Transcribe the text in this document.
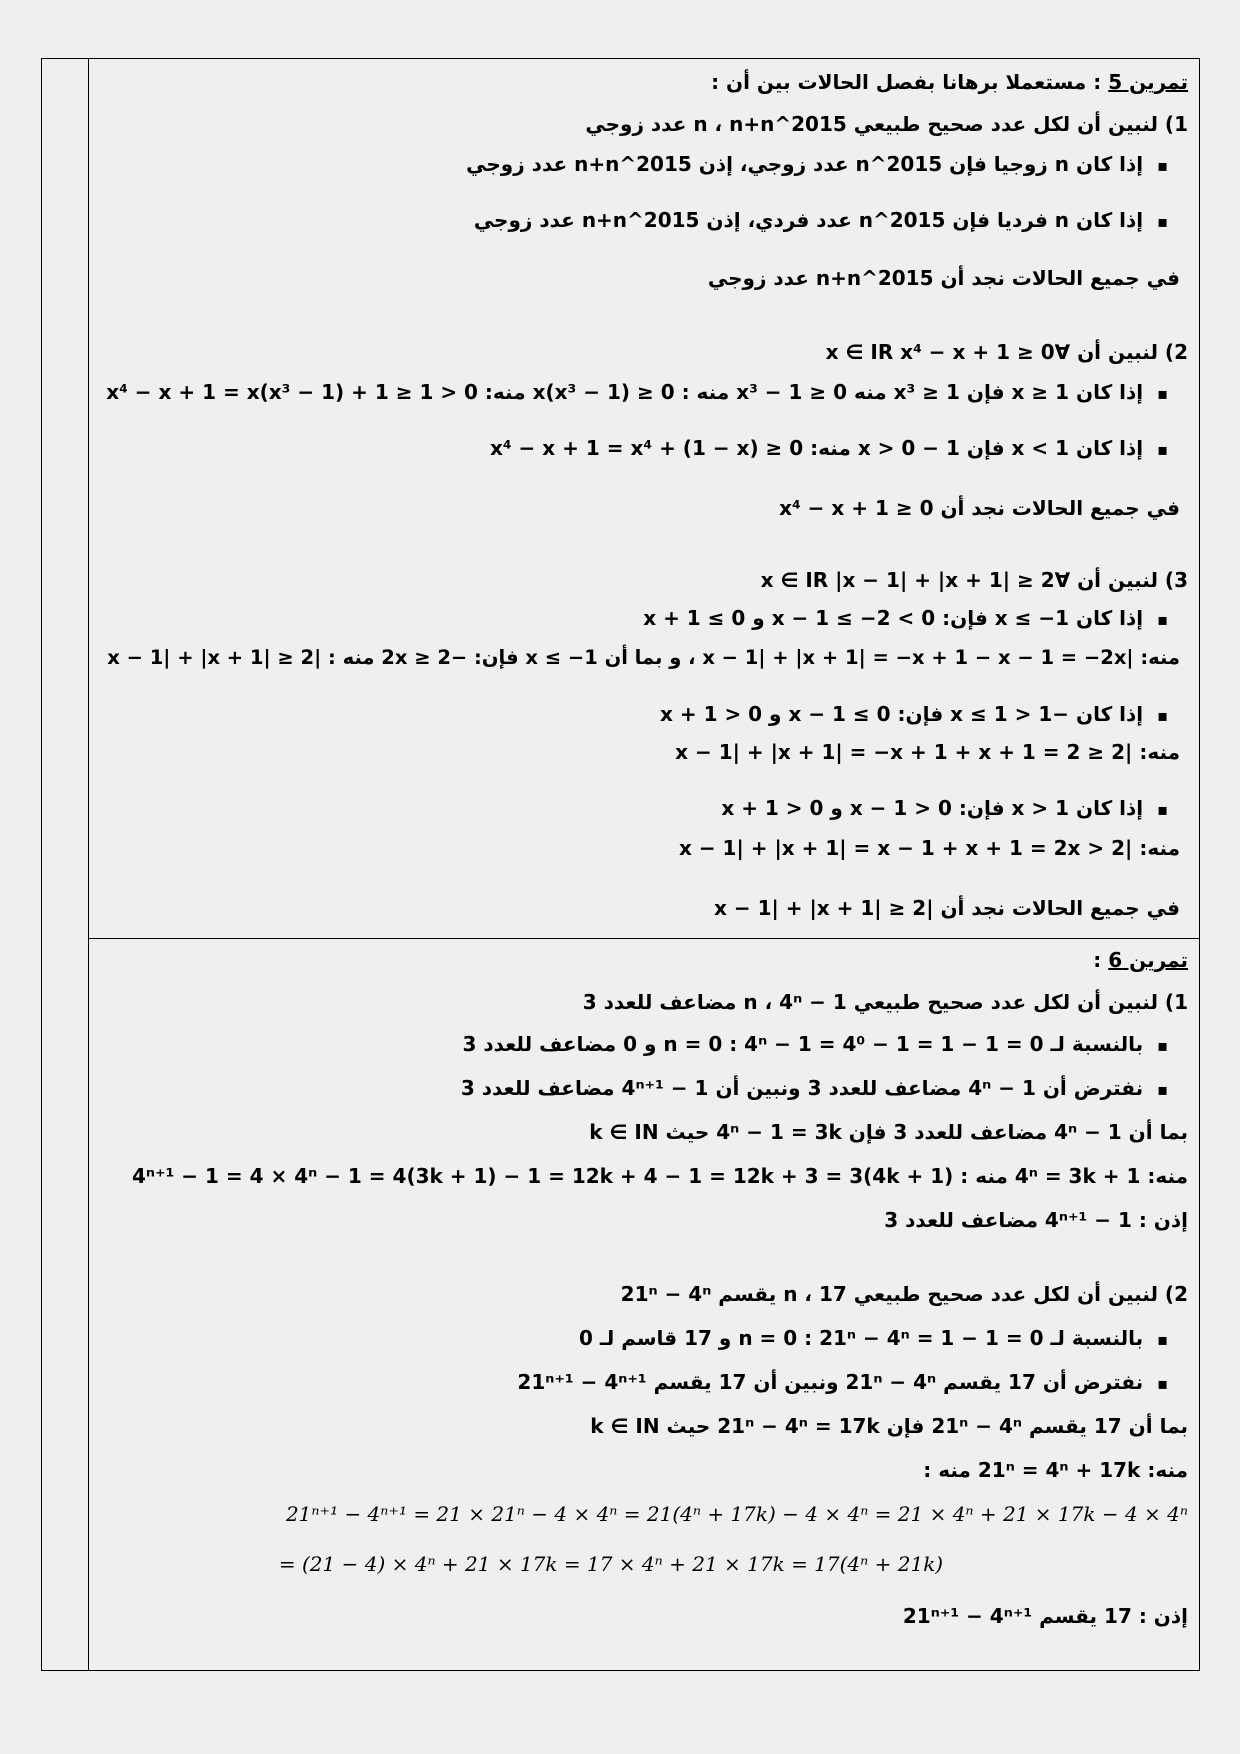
تمرين 5 : مستعملا برهانا بفصل الحالات بين أن :
1) لنبين أن لكل عدد صحيح طبيعي n ، n+n^2015 عدد زوجي
▪ إذا كان n زوجيا فإن n^2015 عدد زوجي، إذن n+n^2015 عدد زوجي
▪ إذا كان n فرديا فإن n^2015 عدد فردي، إذن n+n^2015 عدد زوجي
في جميع الحالات نجد أن n+n^2015 عدد زوجي
2) لنبين أن ∀x ∈ IR x⁴ − x + 1 ≥ 0
▪ إذا كان x ≥ 1 فإن x³ ≥ 1 منه x³ − 1 ≥ 0 منه : x(x³ − 1) ≥ 0 منه: x⁴ − x + 1 = x(x³ − 1) + 1 ≥ 1 > 0
▪ إذا كان x < 1 فإن 1 − x > 0 منه: x⁴ − x + 1 = x⁴ + (1 − x) ≥ 0
في جميع الحالات نجد أن x⁴ − x + 1 ≥ 0
3) لنبين أن ∀x ∈ IR |x − 1| + |x + 1| ≥ 2
▪ إذا كان x ≤ −1 فإن: x − 1 ≤ −2 < 0 و x + 1 ≤ 0
منه: |x − 1| + |x + 1| = −x + 1 − x − 1 = −2x ، و بما أن x ≤ −1 فإن: −2x ≥ 2 منه : |x − 1| + |x + 1| ≥ 2
▪ إذا كان −1 < x ≤ 1 فإن: x − 1 ≤ 0 و x + 1 > 0
منه: |x − 1| + |x + 1| = −x + 1 + x + 1 = 2 ≥ 2
▪ إذا كان x > 1 فإن: x − 1 > 0 و x + 1 > 0
منه: |x − 1| + |x + 1| = x − 1 + x + 1 = 2x > 2
في جميع الحالات نجد أن |x − 1| + |x + 1| ≥ 2
تمرين 6 :
1) لنبين أن لكل عدد صحيح طبيعي n ، 4ⁿ − 1 مضاعف للعدد 3
▪ بالنسبة لـ n = 0 : 4ⁿ − 1 = 4⁰ − 1 = 1 − 1 = 0 و 0 مضاعف للعدد 3
▪ نفترض أن 4ⁿ − 1 مضاعف للعدد 3 ونبين أن 4ⁿ⁺¹ − 1 مضاعف للعدد 3
بما أن 4ⁿ − 1 مضاعف للعدد 3 فإن 4ⁿ − 1 = 3k حيث k ∈ IN
منه: 4ⁿ = 3k + 1 منه : 4ⁿ⁺¹ − 1 = 4 × 4ⁿ − 1 = 4(3k + 1) − 1 = 12k + 4 − 1 = 12k + 3 = 3(4k + 1)
إذن : 4ⁿ⁺¹ − 1 مضاعف للعدد 3
2) لنبين أن لكل عدد صحيح طبيعي n ، 17 يقسم 21ⁿ − 4ⁿ
▪ بالنسبة لـ n = 0 : 21ⁿ − 4ⁿ = 1 − 1 = 0 و 17 قاسم لـ 0
▪ نفترض أن 17 يقسم 21ⁿ − 4ⁿ ونبين أن 17 يقسم 21ⁿ⁺¹ − 4ⁿ⁺¹
بما أن 17 يقسم 21ⁿ − 4ⁿ فإن 21ⁿ − 4ⁿ = 17k حيث k ∈ IN
منه: 21ⁿ = 4ⁿ + 17k منه :
21ⁿ⁺¹ − 4ⁿ⁺¹ = 21 × 21ⁿ − 4 × 4ⁿ = 21(4ⁿ + 17k) − 4 × 4ⁿ = 21 × 4ⁿ + 21 × 17k − 4 × 4ⁿ
= (21 − 4) × 4ⁿ + 21 × 17k = 17 × 4ⁿ + 21 × 17k = 17(4ⁿ + 21k)
إذن : 17 يقسم 21ⁿ⁺¹ − 4ⁿ⁺¹
